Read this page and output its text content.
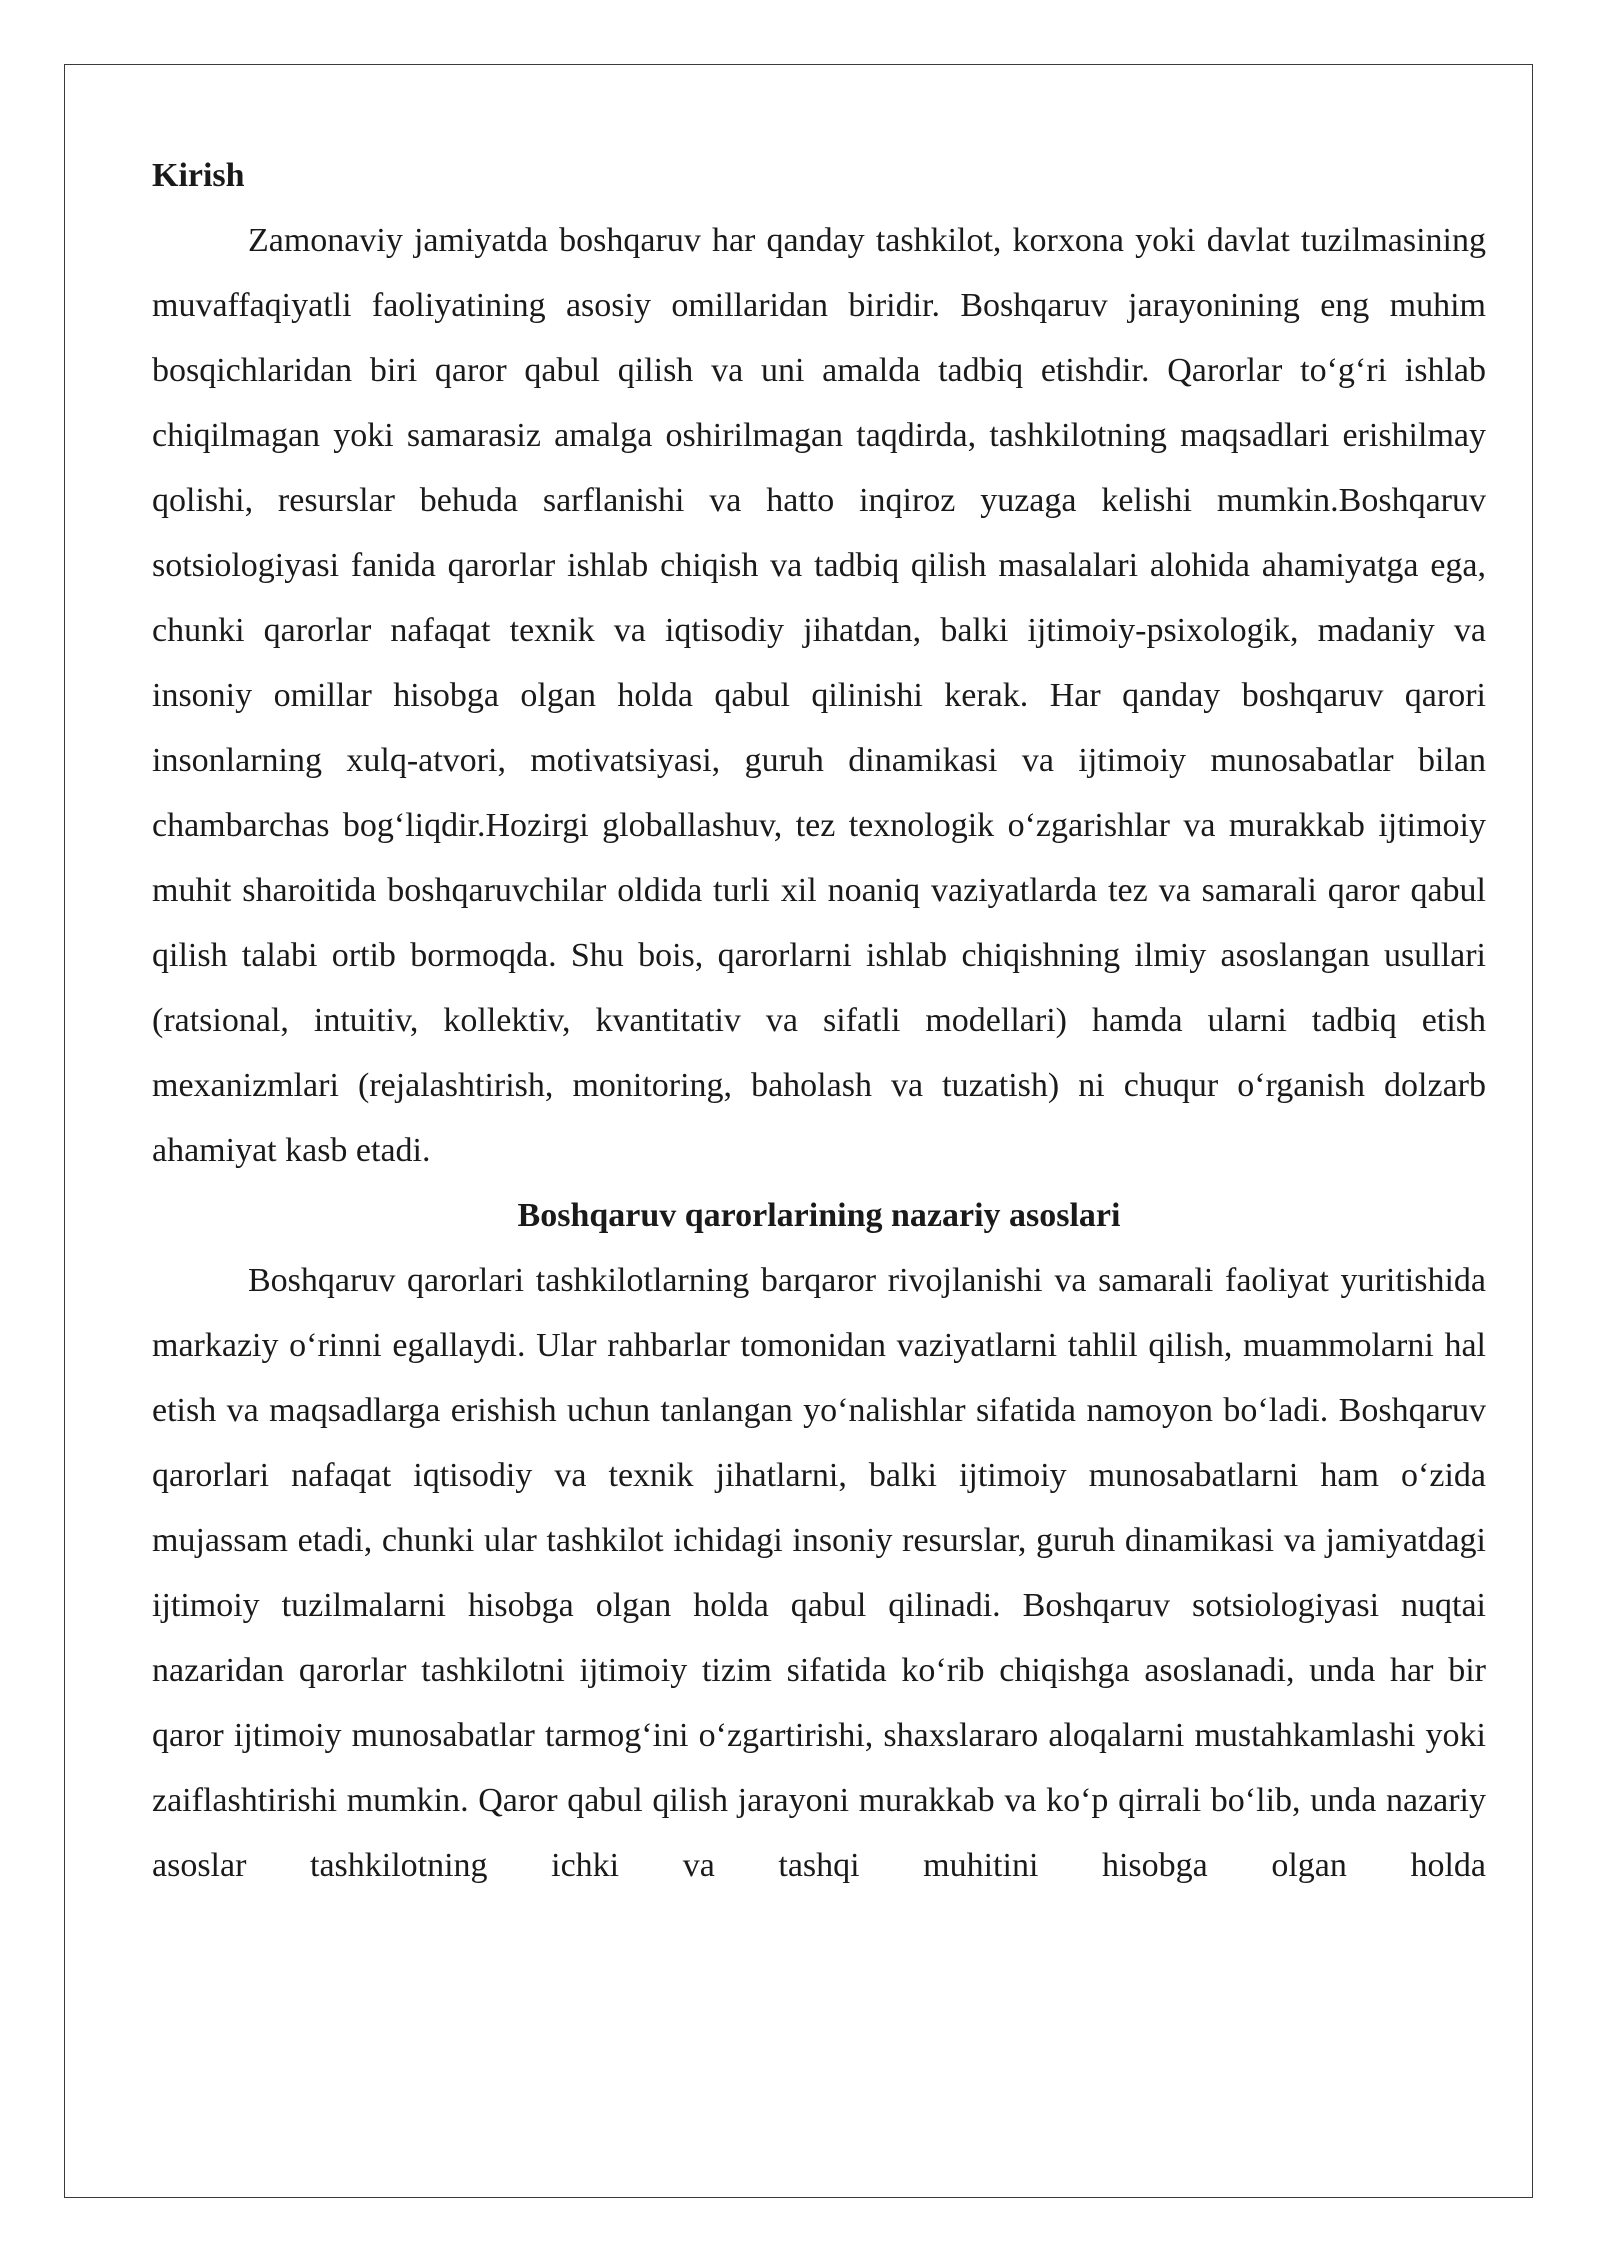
Kirish

Zamonaviy jamiyatda boshqaruv har qanday tashkilot, korxona yoki davlat tuzilmasining muvaffaqiyatli faoliyatining asosiy omillaridan biridir. Boshqaruv jarayonining eng muhim bosqichlaridan biri qaror qabul qilish va uni amalda tadbiq etishdir. Qarorlar to‘g‘ri ishlab chiqilmagan yoki samarasiz amalga oshirilmagan taqdirda, tashkilotning maqsadlari erishilmay qolishi, resurslar behuda sarflanishi va hatto inqiroz yuzaga kelishi mumkin.Boshqaruv sotsiologiyasi fanida qarorlar ishlab chiqish va tadbiq qilish masalalari alohida ahamiyatga ega, chunki qarorlar nafaqat texnik va iqtisodiy jihatdan, balki ijtimoiy-psixologik, madaniy va insoniy omillar hisobga olgan holda qabul qilinishi kerak. Har qanday boshqaruv qarori insonlarning xulq-atvori, motivatsiyasi, guruh dinamikasi va ijtimoiy munosabatlar bilan chambarchas bog‘liqdir.Hozirgi globallashuv, tez texnologik o‘zgarishlar va murakkab ijtimoiy muhit sharoitida boshqaruvchilar oldida turli xil noaniq vaziyatlarda tez va samarali qaror qabul qilish talabi ortib bormoqda. Shu bois, qarorlarni ishlab chiqishning ilmiy asoslangan usullari (ratsional, intuitiv, kollektiv, kvantitativ va sifatli modellari) hamda ularni tadbiq etish mexanizmlari (rejalashtirish, monitoring, baholash va tuzatish) ni chuqur o‘rganish dolzarb ahamiyat kasb etadi.

Boshqaruv qarorlarining nazariy asoslari

Boshqaruv qarorlari tashkilotlarning barqaror rivojlanishi va samarali faoliyat yuritishida markaziy o‘rinni egallaydi. Ular rahbarlar tomonidan vaziyatlarni tahlil qilish, muammolarni hal etish va maqsadlarga erishish uchun tanlangan yo‘nalishlar sifatida namoyon bo‘ladi. Boshqaruv qarorlari nafaqat iqtisodiy va texnik jihatlarni, balki ijtimoiy munosabatlarni ham o‘zida mujassam etadi, chunki ular tashkilot ichidagi insoniy resurslar, guruh dinamikasi va jamiyatdagi ijtimoiy tuzilmalarni hisobga olgan holda qabul qilinadi. Boshqaruv sotsiologiyasi nuqtai nazaridan qarorlar tashkilotni ijtimoiy tizim sifatida ko‘rib chiqishga asoslanadi, unda har bir qaror ijtimoiy munosabatlar tarmog‘ini o‘zgartirishi, shaxslararo aloqalarni mustahkamlashi yoki zaiflashtirishi mumkin. Qaror qabul qilish jarayoni murakkab va ko‘p qirrali bo‘lib, unda nazariy asoslar tashkilotning ichki va tashqi muhitini hisobga olgan holda
